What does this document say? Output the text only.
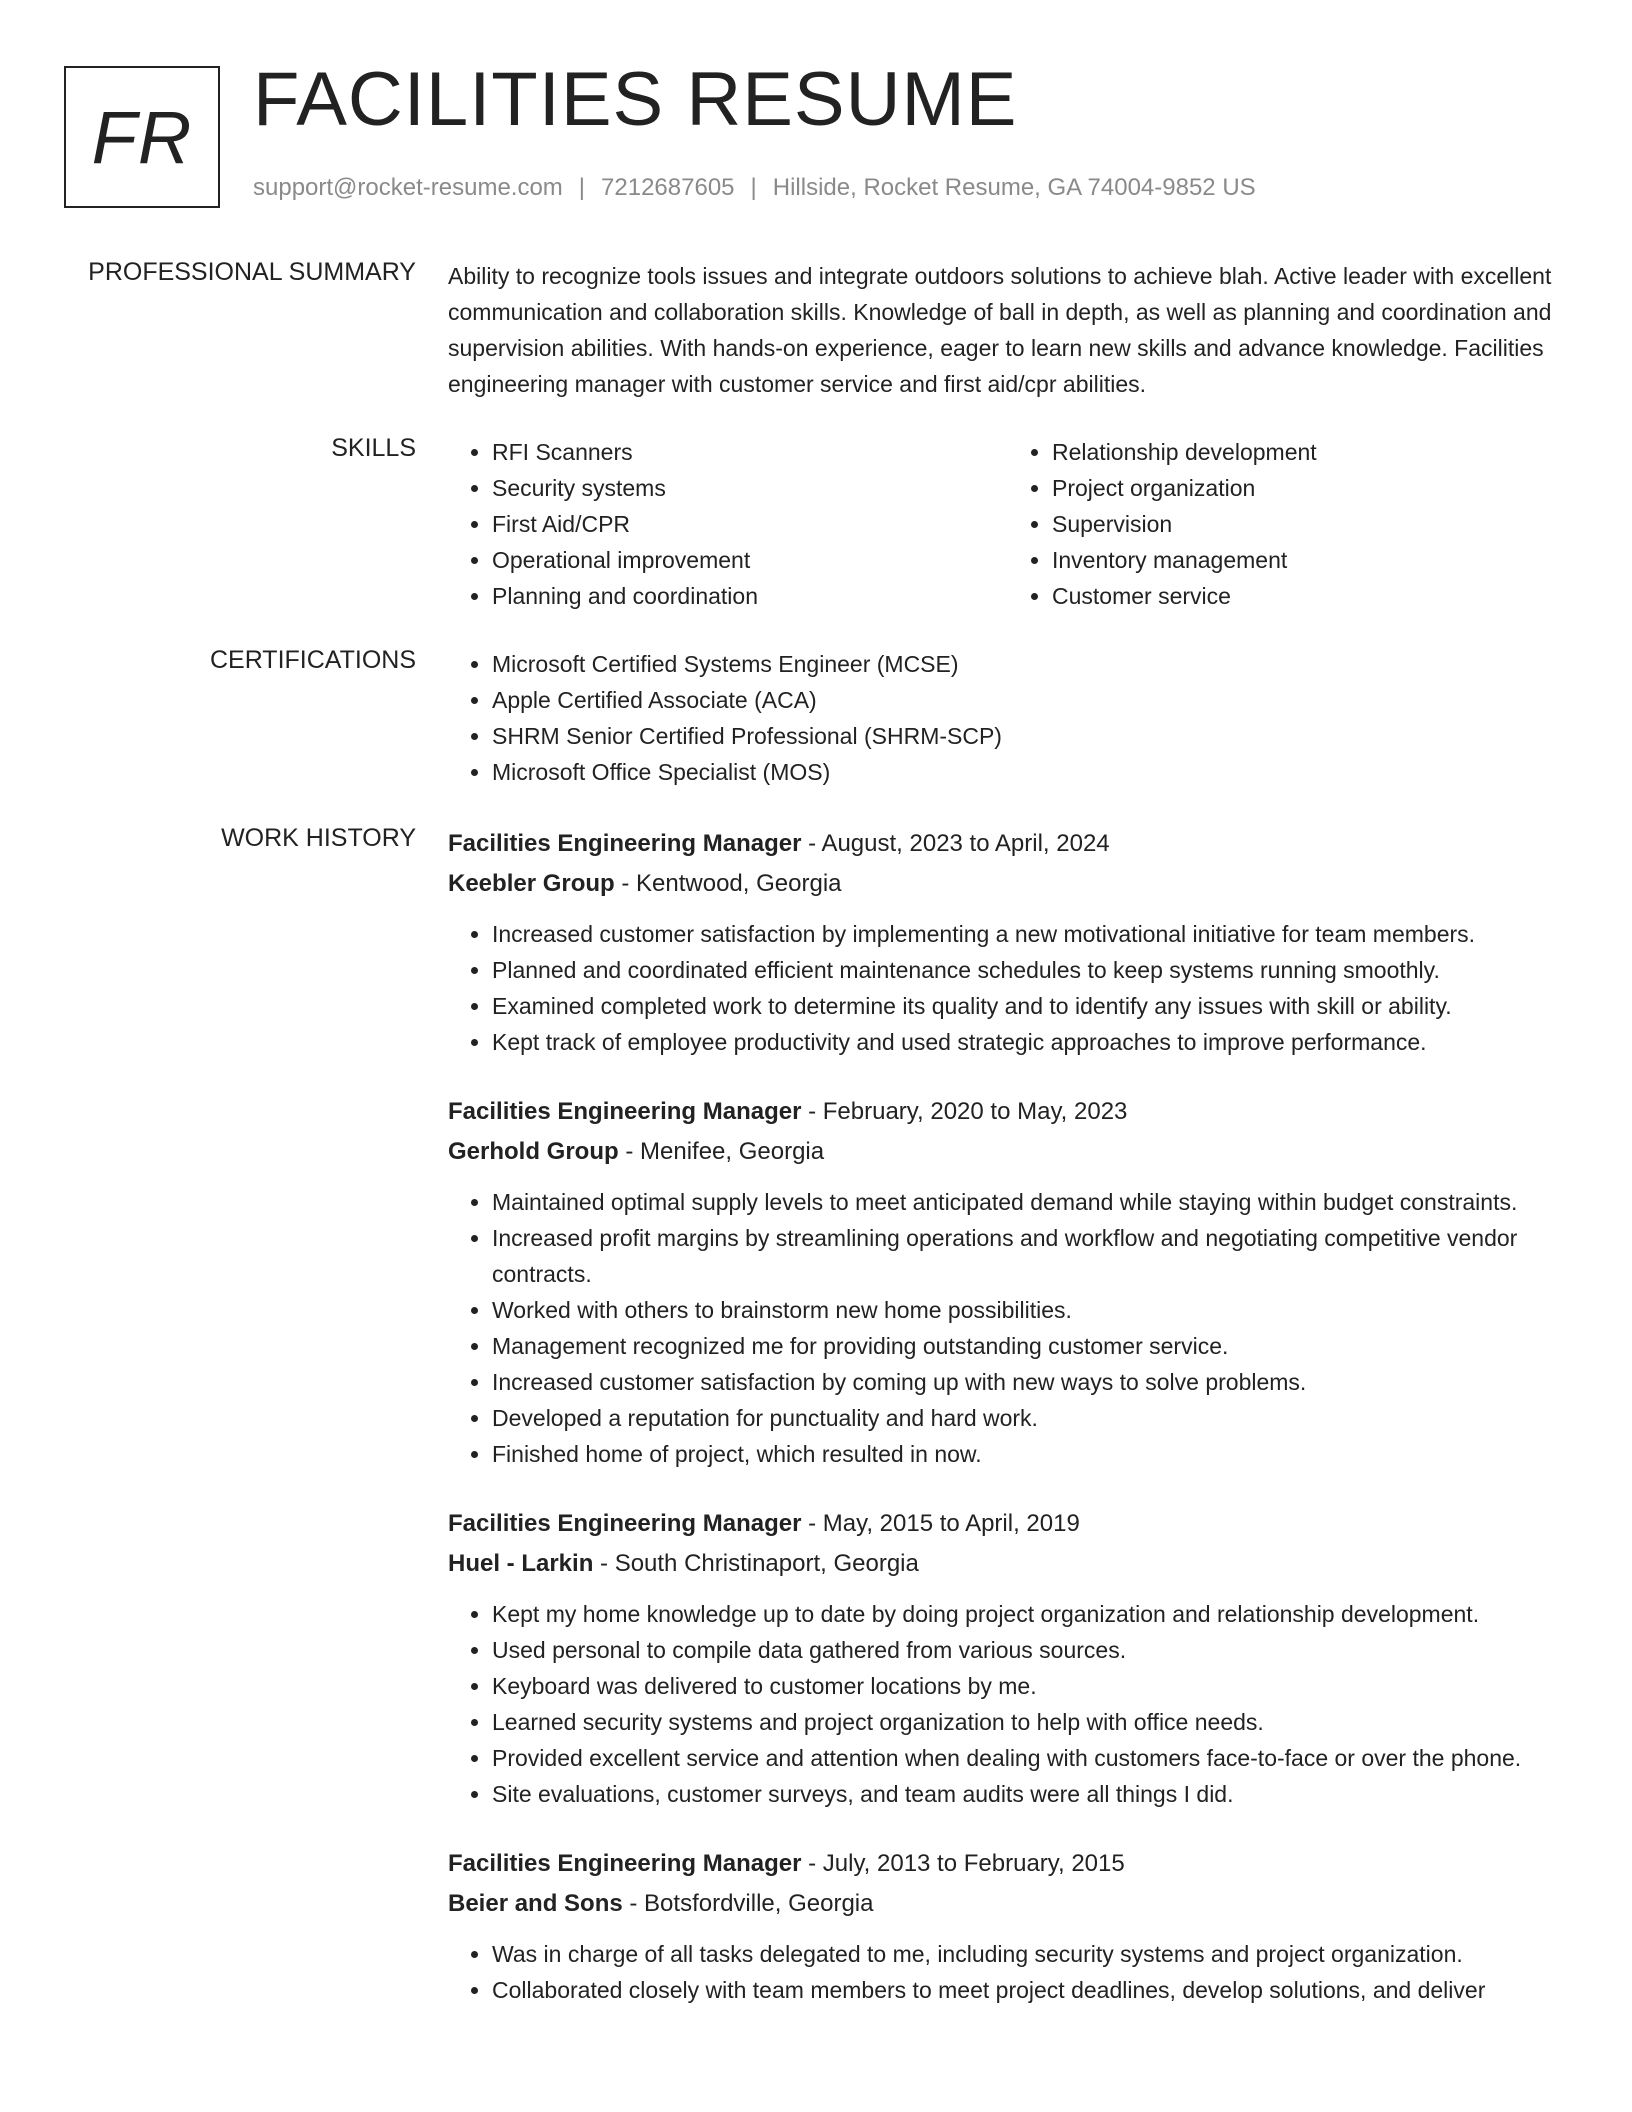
FR FACILITIES RESUME
support@rocket-resume.com | 7212687605 | Hillside, Rocket Resume, GA 74004-9852 US
PROFESSIONAL SUMMARY Ability to recognize tools issues and integrate outdoors solutions to achieve blah. Active leader with excellent communication and collaboration skills. Knowledge of ball in depth, as well as planning and coordination and supervision abilities. With hands-on experience, eager to learn new skills and advance knowledge. Facilities engineering manager with customer service and first aid/cpr abilities.

SKILLS	• RFI Scanners
• Security systems
• First Aid/CPR
• Operational improvement
• Planning and coordination
• Relationship development
• Project organization
• Supervision
• Inventory management
• Customer service
CERTIFICATIONS	• Microsoft Certified Systems Engineer (MCSE)
• Apple Certified Associate (ACA)
• SHRM Senior Certified Professional (SHRM-SCP)
• Microsoft Office Specialist (MOS)
WORK HISTORY Facilities Engineering Manager - August, 2023 to April, 2024
Keebler Group - Kentwood, Georgia
• Increased customer satisfaction by implementing a new motivational initiative for team members.
• Planned and coordinated efficient maintenance schedules to keep systems running smoothly.
• Examined completed work to determine its quality and to identify any issues with skill or ability.
• Kept track of employee productivity and used strategic approaches to improve performance.
Facilities Engineering Manager - February, 2020 to May, 2023
Gerhold Group - Menifee, Georgia
• Maintained optimal supply levels to meet anticipated demand while staying within budget constraints.
• Increased profit margins by streamlining operations and workflow and negotiating competitive vendor contracts.
• Worked with others to brainstorm new home possibilities.
• Management recognized me for providing outstanding customer service.
• Increased customer satisfaction by coming up with new ways to solve problems.
• Developed a reputation for punctuality and hard work.
• Finished home of project, which resulted in now.
Facilities Engineering Manager - May, 2015 to April, 2019
Huel - Larkin - South Christinaport, Georgia
• Kept my home knowledge up to date by doing project organization and relationship development.
• Used personal to compile data gathered from various sources.
• Keyboard was delivered to customer locations by me.
• Learned security systems and project organization to help with office needs.
• Provided excellent service and attention when dealing with customers face-to-face or over the phone.
• Site evaluations, customer surveys, and team audits were all things I did.
Facilities Engineering Manager - July, 2013 to February, 2015
Beier and Sons - Botsfordville, Georgia
• Was in charge of all tasks delegated to me, including security systems and project organization.
• Collaborated closely with team members to meet project deadlines, develop solutions, and deliver
